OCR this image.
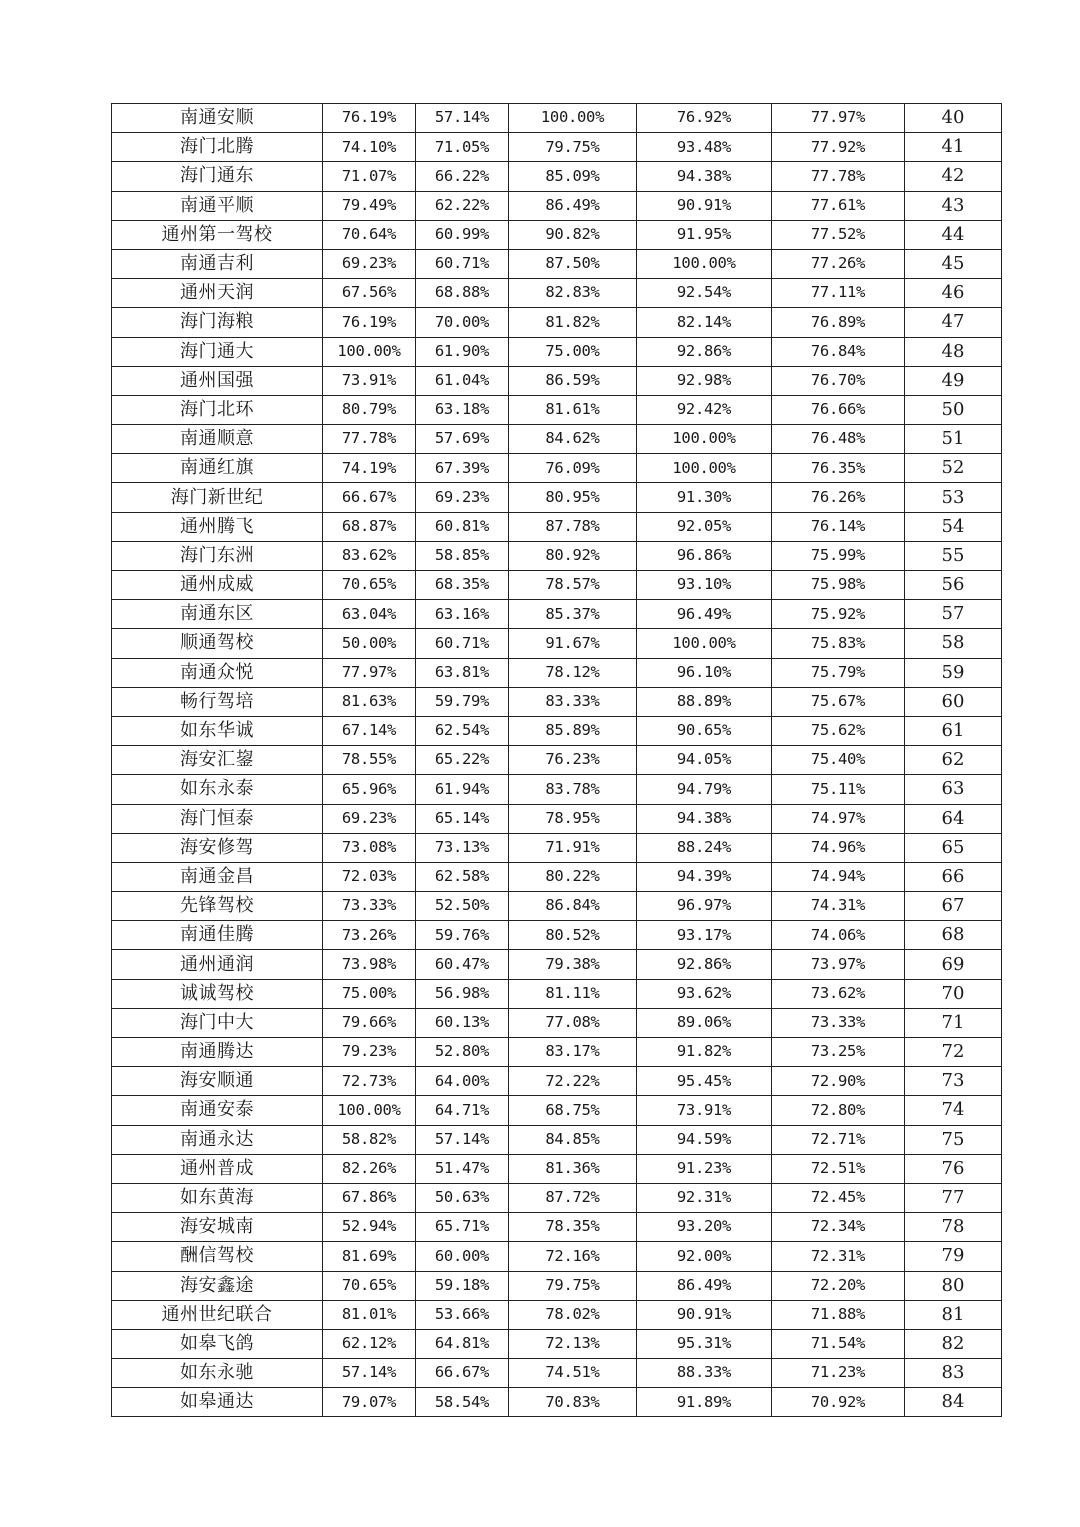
南通安顺	76.19%	57.14%	100.00%	76.92%	77.97%	40
海门北腾	74.10%	71.05%	79.75%	93.48%	77.92%	41
海门通东	71.07%	66.22%	85.09%	94.38%	77.78%	42
南通平顺	79.49%	62.22%	86.49%	90.91%	77.61%	43
通州第一驾校	70.64%	60.99%	90.82%	91.95%	77.52%	44
南通吉利	69.23%	60.71%	87.50%	100.00%	77.26%	45
通州天润	67.56%	68.88%	82.83%	92.54%	77.11%	46
海门海粮	76.19%	70.00%	81.82%	82.14%	76.89%	47
海门通大	100.00%	61.90%	75.00%	92.86%	76.84%	48
通州国强	73.91%	61.04%	86.59%	92.98%	76.70%	49
海门北环	80.79%	63.18%	81.61%	92.42%	76.66%	50
南通顺意	77.78%	57.69%	84.62%	100.00%	76.48%	51
南通红旗	74.19%	67.39%	76.09%	100.00%	76.35%	52
海门新世纪	66.67%	69.23%	80.95%	91.30%	76.26%	53
通州腾飞	68.87%	60.81%	87.78%	92.05%	76.14%	54
海门东洲	83.62%	58.85%	80.92%	96.86%	75.99%	55
通州成威	70.65%	68.35%	78.57%	93.10%	75.98%	56
南通东区	63.04%	63.16%	85.37%	96.49%	75.92%	57
顺通驾校	50.00%	60.71%	91.67%	100.00%	75.83%	58
南通众悦	77.97%	63.81%	78.12%	96.10%	75.79%	59
畅行驾培	81.63%	59.79%	83.33%	88.89%	75.67%	60
如东华诚	67.14%	62.54%	85.89%	90.65%	75.62%	61
海安汇鋆	78.55%	65.22%	76.23%	94.05%	75.40%	62
如东永泰	65.96%	61.94%	83.78%	94.79%	75.11%	63
海门恒泰	69.23%	65.14%	78.95%	94.38%	74.97%	64
海安修驾	73.08%	73.13%	71.91%	88.24%	74.96%	65
南通金昌	72.03%	62.58%	80.22%	94.39%	74.94%	66
先锋驾校	73.33%	52.50%	86.84%	96.97%	74.31%	67
南通佳腾	73.26%	59.76%	80.52%	93.17%	74.06%	68
通州通润	73.98%	60.47%	79.38%	92.86%	73.97%	69
诚诚驾校	75.00%	56.98%	81.11%	93.62%	73.62%	70
海门中大	79.66%	60.13%	77.08%	89.06%	73.33%	71
南通腾达	79.23%	52.80%	83.17%	91.82%	73.25%	72
海安顺通	72.73%	64.00%	72.22%	95.45%	72.90%	73
南通安泰	100.00%	64.71%	68.75%	73.91%	72.80%	74
南通永达	58.82%	57.14%	84.85%	94.59%	72.71%	75
通州普成	82.26%	51.47%	81.36%	91.23%	72.51%	76
如东黄海	67.86%	50.63%	87.72%	92.31%	72.45%	77
海安城南	52.94%	65.71%	78.35%	93.20%	72.34%	78
酬信驾校	81.69%	60.00%	72.16%	92.00%	72.31%	79
海安鑫途	70.65%	59.18%	79.75%	86.49%	72.20%	80
通州世纪联合	81.01%	53.66%	78.02%	90.91%	71.88%	81
如皋飞鸽	62.12%	64.81%	72.13%	95.31%	71.54%	82
如东永驰	57.14%	66.67%	74.51%	88.33%	71.23%	83
如皋通达	79.07%	58.54%	70.83%	91.89%	70.92%	84
